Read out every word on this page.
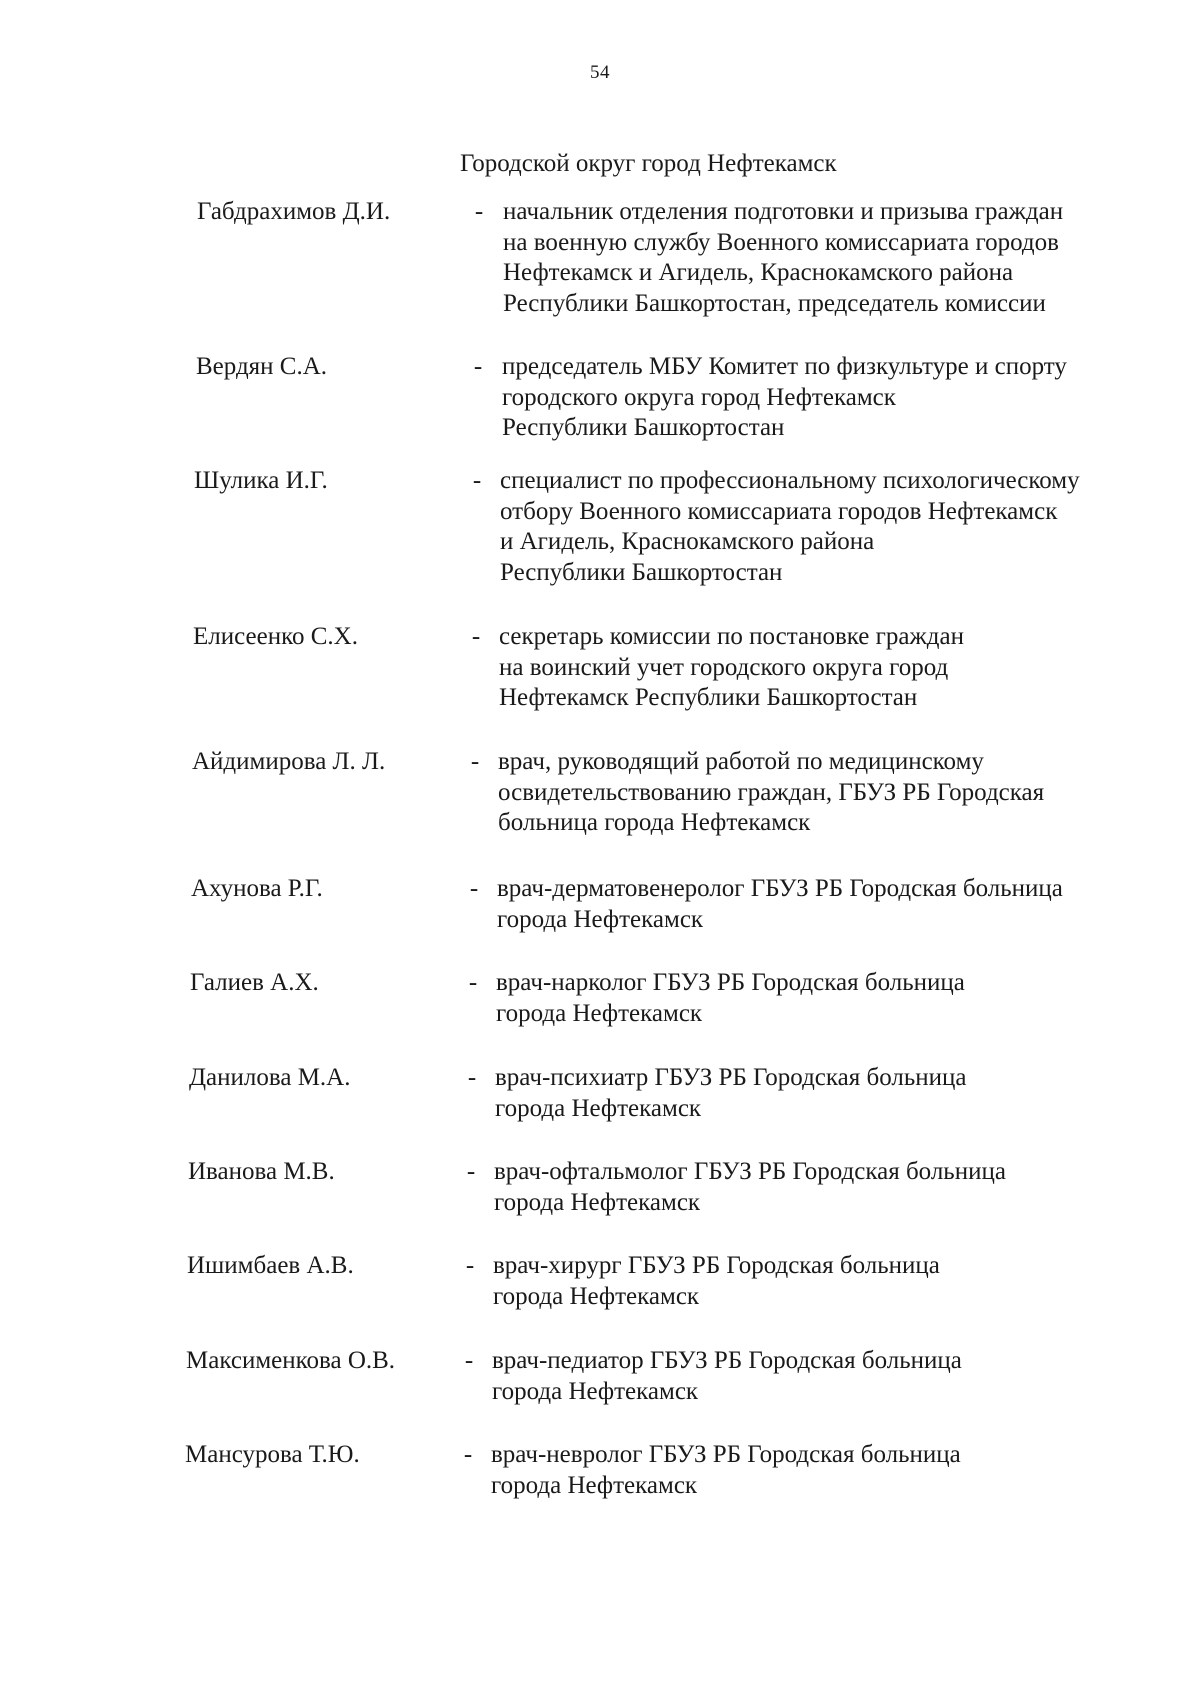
54
Городской округ город Нефтекамск
Габдрахимов Д.И.	- начальник отделения подготовки и призыва граждан
на военную службу Военного комиссариата городов
Нефтекамск и Агидель, Краснокамского района
Республики Башкортостан, председатель комиссии
Вердян С.А.	- председатель МБУ Комитет по физкультуре и спорту
городского округа город Нефтекамск
Республики Башкортостан
Шулика И.Г.	- специалист по профессиональному психологическому
отбору Военного комиссариата городов Нефтекамск
и Агидель, Краснокамского района
Республики Башкортостан
Елисеенко С.Х.	- секретарь комиссии по постановке граждан
на воинский учет городского округа город
Нефтекамск Республики Башкортостан
Айдимирова Л. Л.	- врач, руководящий работой по медицинскому
освидетельствованию граждан, ГБУЗ РБ Городская
больница города Нефтекамск
Ахунова Р.Г.	- врач-дерматовенеролог ГБУЗ РБ Городская больница
города Нефтекамск
Галиев А.Х.	- врач-нарколог ГБУЗ РБ Городская больница
города Нефтекамск
Данилова М.А.	- врач-психиатр ГБУЗ РБ Городская больница
города Нефтекамск
Иванова М.В.	- врач-офтальмолог ГБУЗ РБ Городская больница
города Нефтекамск
Ишимбаев А.В.	- врач-хирург ГБУЗ РБ Городская больница
города Нефтекамск
Максименкова О.В.	- врач-педиатор ГБУЗ РБ Городская больница
города Нефтекамск
Мансурова Т.Ю.	- врач-невролог ГБУЗ РБ Городская больница
города Нефтекамск
